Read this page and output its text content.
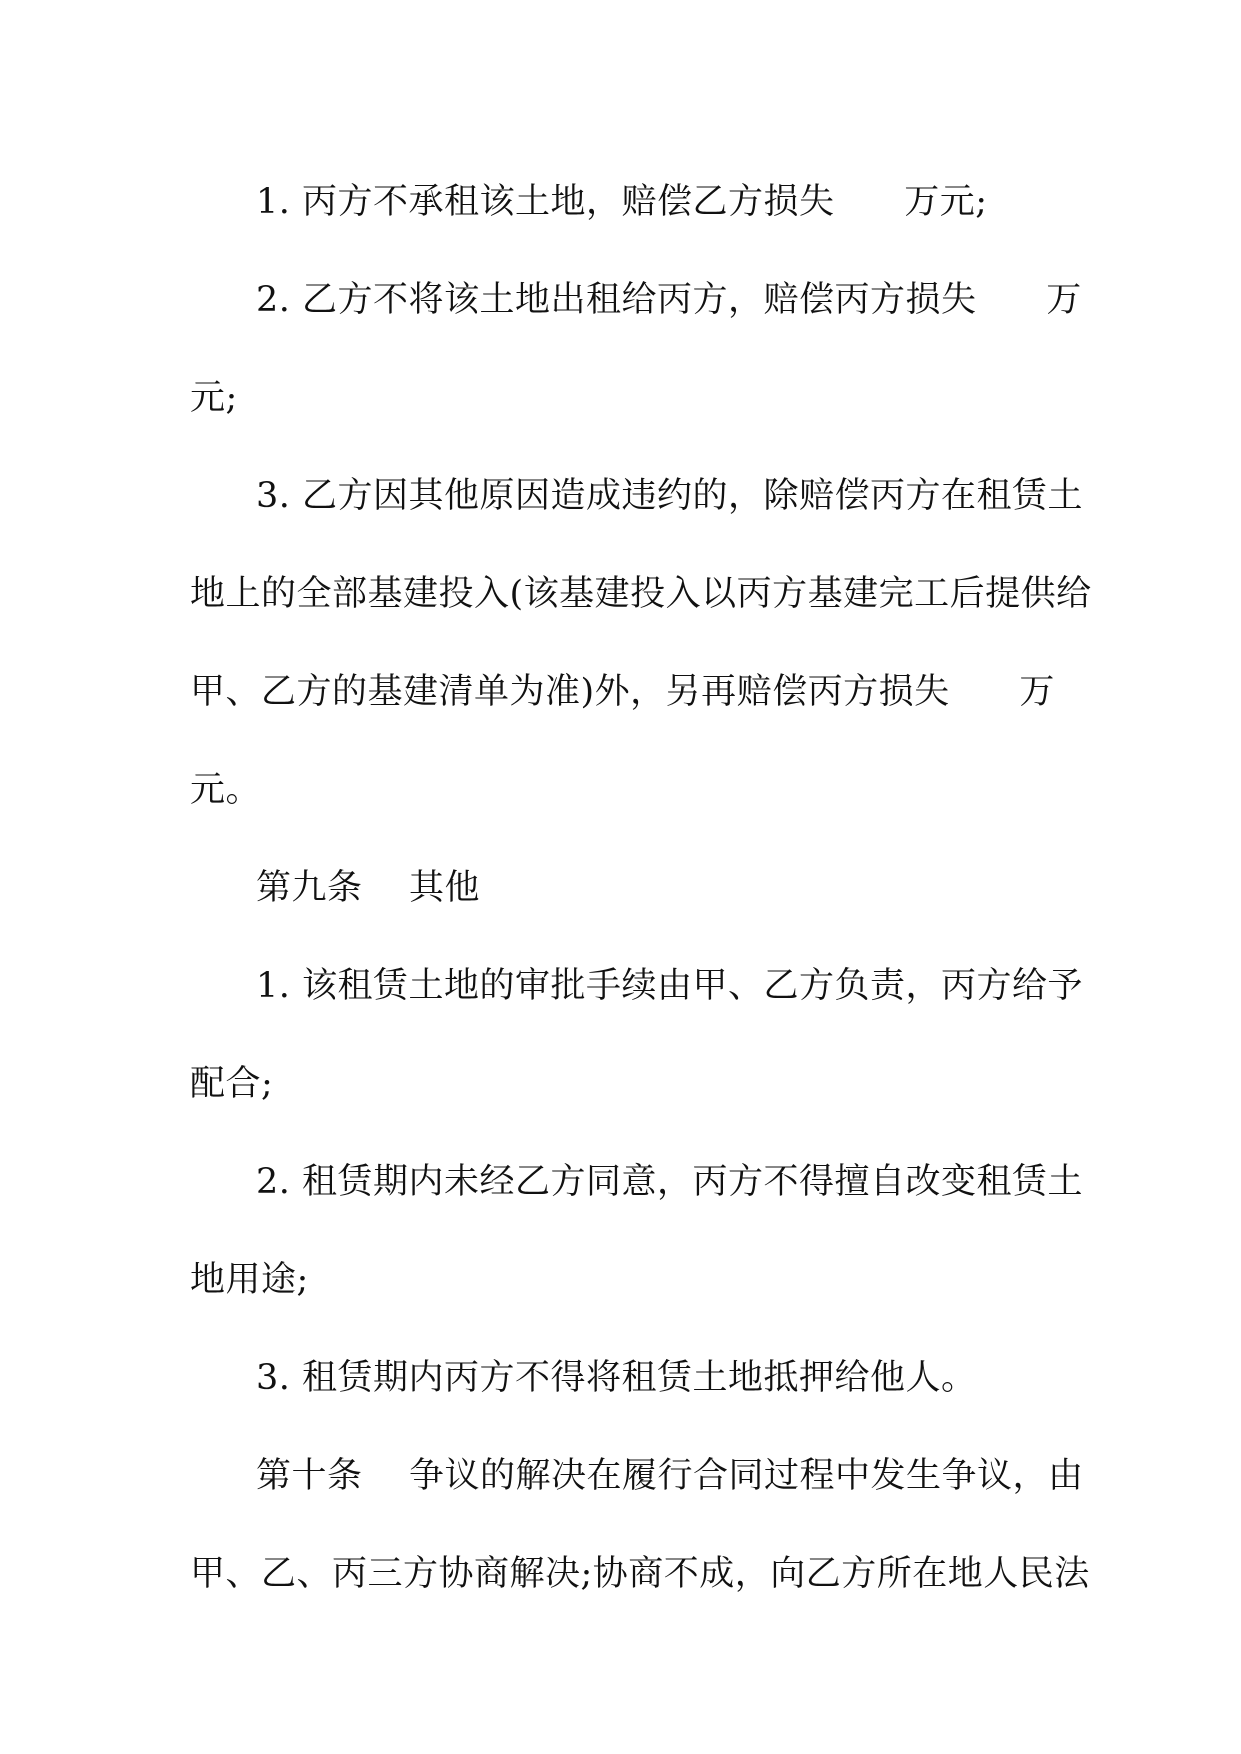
1. 丙方不承租该土地，赔偿乙方损失      万元;
2. 乙方不将该土地出租给丙方，赔偿丙方损失      万
元;
3. 乙方因其他原因造成违约的，除赔偿丙方在租赁土
地上的全部基建投入(该基建投入以丙方基建完工后提供给
甲、乙方的基建清单为准)外，另再赔偿丙方损失      万
元。
第九条    其他
1. 该租赁土地的审批手续由甲、乙方负责，丙方给予
配合;
2. 租赁期内未经乙方同意，丙方不得擅自改变租赁土
地用途;
3. 租赁期内丙方不得将租赁土地抵押给他人。
第十条    争议的解决在履行合同过程中发生争议，由
甲、乙、丙三方协商解决;协商不成，向乙方所在地人民法
